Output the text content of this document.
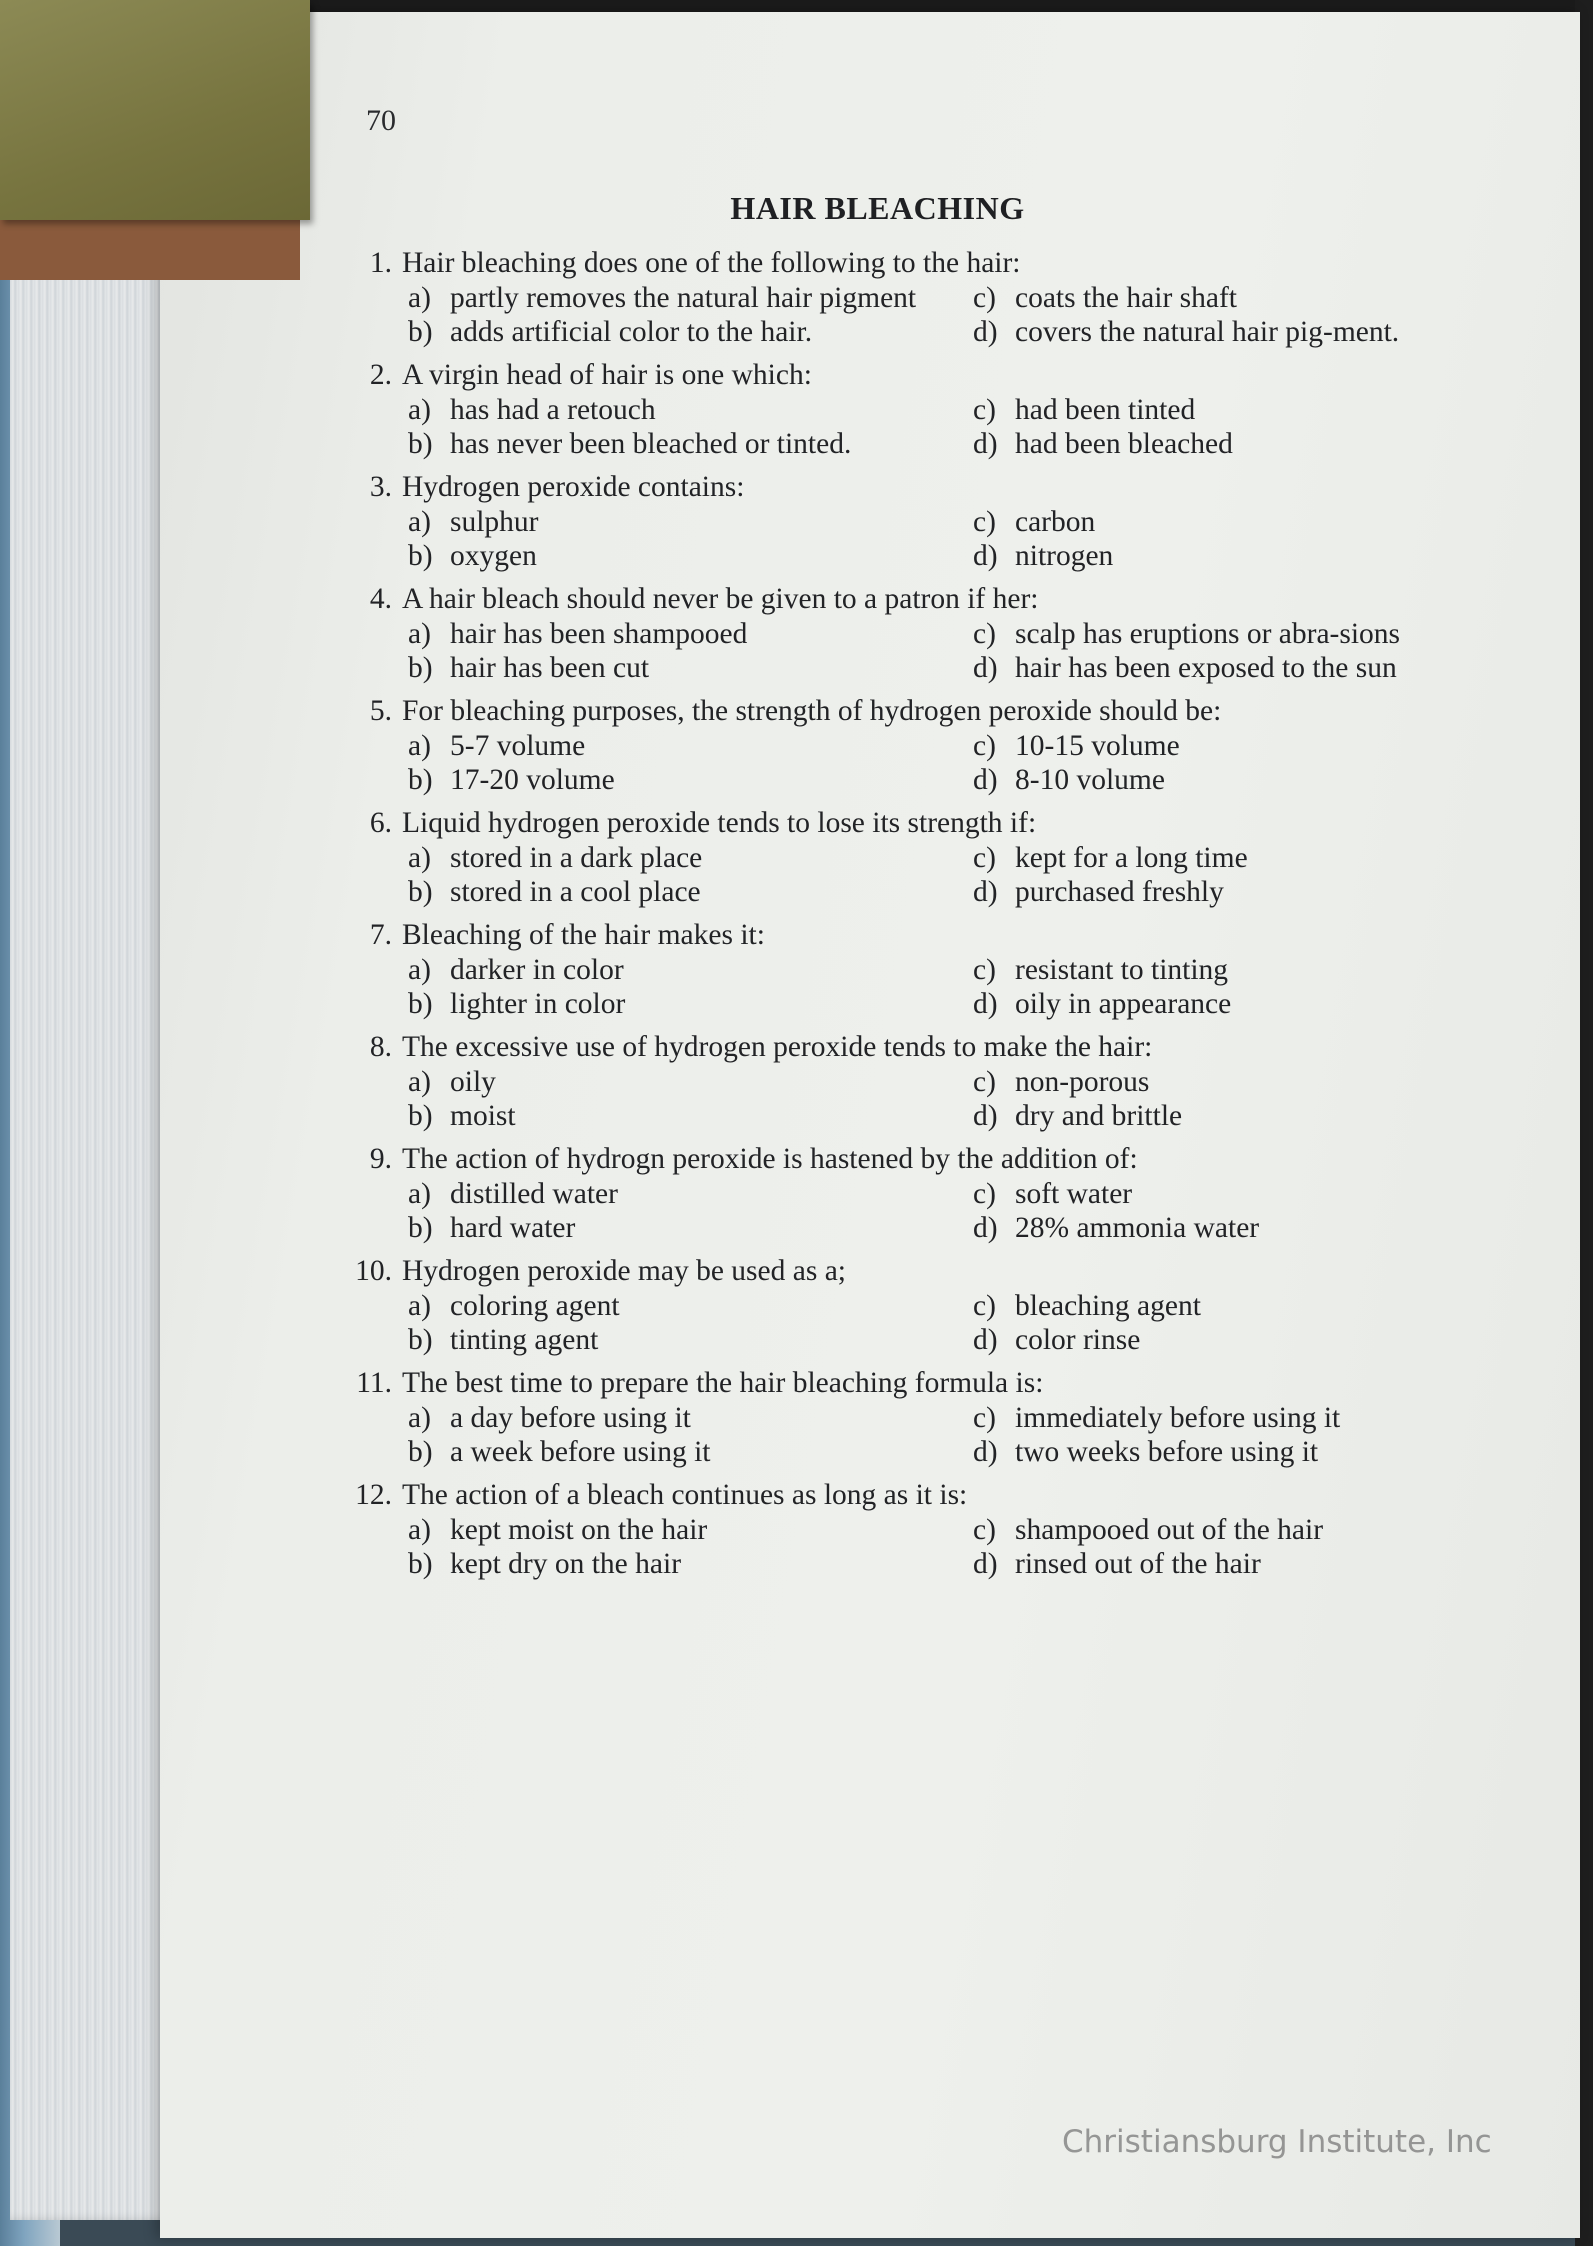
70
HAIR BLEACHING
1. Hair bleaching does one of the following to the hair:
a) partly removes the natural hair pigment	c) coats the hair shaft
b) adds artificial color to the hair.	d) covers the natural hair pig-ment.
2. A virgin head of hair is one which:
a) has had a retouch	c) had been tinted
b) has never been bleached or tinted.	d) had been bleached
3. Hydrogen peroxide contains:
a) sulphur	c) carbon
b) oxygen	d) nitrogen
4. A hair bleach should never be given to a patron if her:
a) hair has been shampooed	c) scalp has eruptions or abra-sions
b) hair has been cut	d) hair has been exposed to the sun
5. For bleaching purposes, the strength of hydrogen peroxide should be:
a) 5-7 volume	c) 10-15 volume
b) 17-20 volume	d) 8-10 volume
6. Liquid hydrogen peroxide tends to lose its strength if:
a) stored in a dark place	c) kept for a long time
b) stored in a cool place	d) purchased freshly
7. Bleaching of the hair makes it:
a) darker in color	c) resistant to tinting
b) lighter in color	d) oily in appearance
8. The excessive use of hydrogen peroxide tends to make the hair:
a) oily	c) non-porous
b) moist	d) dry and brittle
9. The action of hydrogn peroxide is hastened by the addition of:
a) distilled water	c) soft water
b) hard water	d) 28% ammonia water
10. Hydrogen peroxide may be used as a;
a) coloring agent	c) bleaching agent
b) tinting agent	d) color rinse
11. The best time to prepare the hair bleaching formula is:
a) a day before using it	c) immediately before using it
b) a week before using it	d) two weeks before using it
12. The action of a bleach continues as long as it is:
a) kept moist on the hair	c) shampooed out of the hair
b) kept dry on the hair	d) rinsed out of the hair
Christiansburg Institute, Inc
